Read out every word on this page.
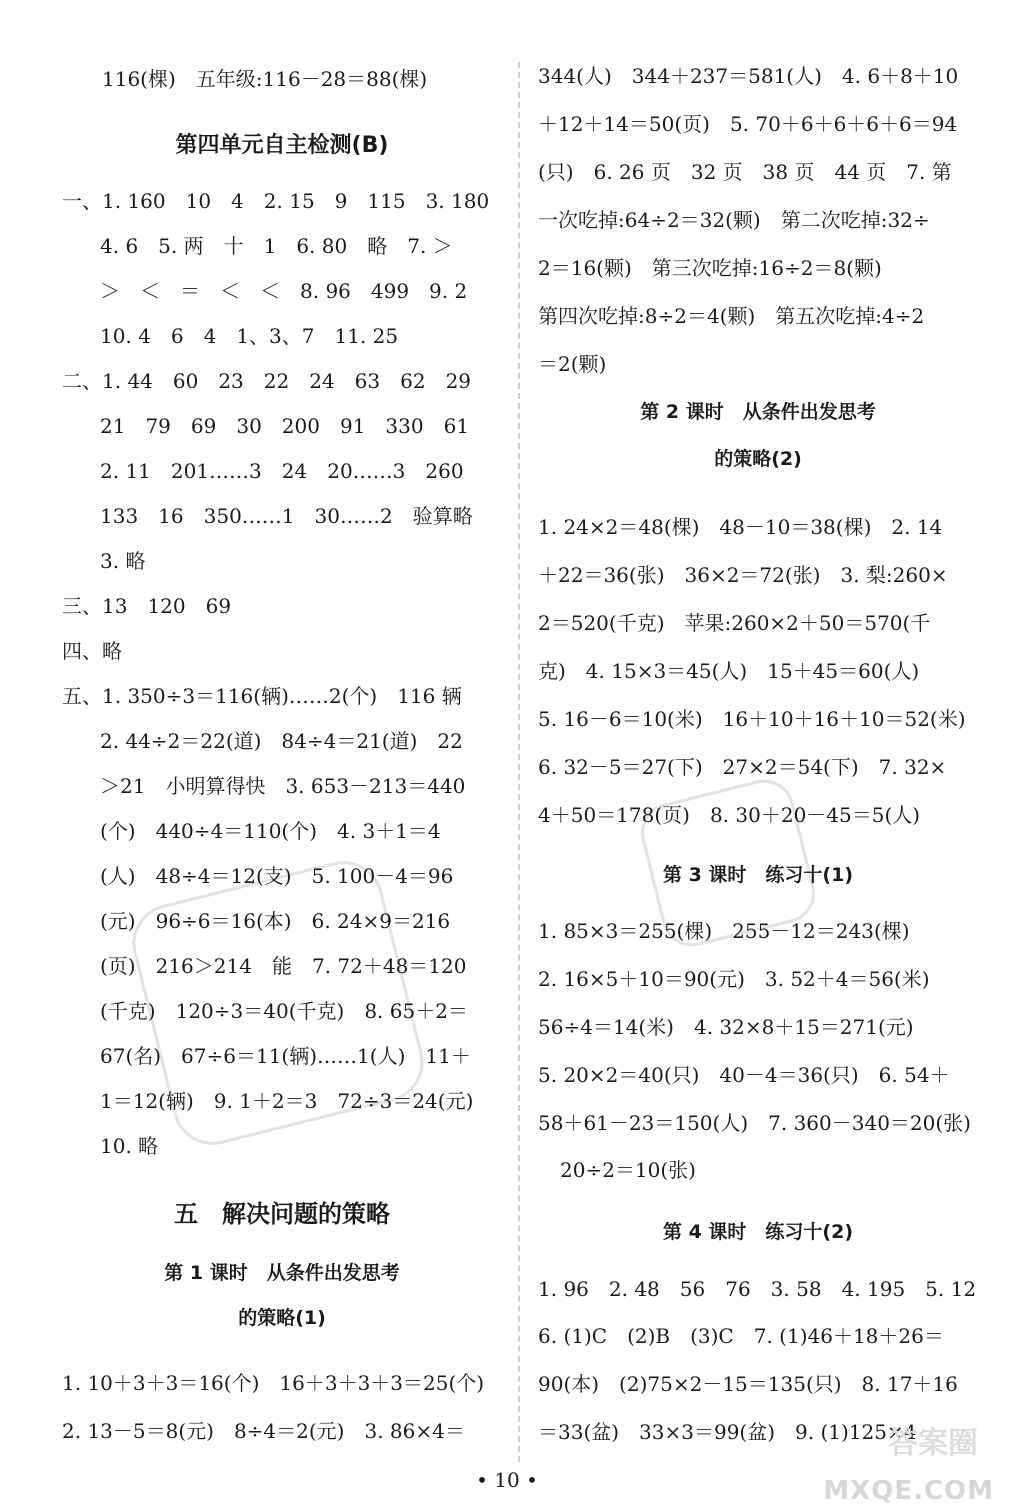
116(棵)　五年级:116－28＝88(棵)
第四单元自主检测(B)
一、1. 160　10　4　2. 15　9　115　3. 180
4. 6　5. 两　十　1　6. 80　略　7. ＞
＞　＜　＝　＜　＜　8. 96　499　9. 2
10. 4　6　4　1、3、7　11. 25
二、1. 44　60　23　22　24　63　62　29
21　79　69　30　200　91　330　61
2. 11　201……3　24　20……3　260
133　16　350……1　30……2　验算略
3. 略
三、13　120　69
四、略
五、1. 350÷3＝116(辆)……2(个)　116 辆
2. 44÷2＝22(道)　84÷4＝21(道)　22
＞21　小明算得快　3. 653－213＝440
(个)　440÷4＝110(个)　4. 3＋1＝4
(人)　48÷4＝12(支)　5. 100－4＝96
(元)　96÷6＝16(本)　6. 24×9＝216
(页)　216＞214　能　7. 72＋48＝120
(千克)　120÷3＝40(千克)　8. 65＋2＝
67(名)　67÷6＝11(辆)……1(人)　11＋
1＝12(辆)　9. 1＋2＝3　72÷3＝24(元)
10. 略
五　解决问题的策略
第 1 课时　从条件出发思考
的策略(1)
1. 10＋3＋3＝16(个)　16＋3＋3＋3＝25(个)
2. 13－5＝8(元)　8÷4＝2(元)　3. 86×4＝
344(人)　344＋237＝581(人)　4. 6＋8＋10
＋12＋14＝50(页)　5. 70＋6＋6＋6＋6＝94
(只)　6. 26 页　32 页　38 页　44 页　7. 第
一次吃掉:64÷2＝32(颗)　第二次吃掉:32÷
2＝16(颗)　第三次吃掉:16÷2＝8(颗)
第四次吃掉:8÷2＝4(颗)　第五次吃掉:4÷2
＝2(颗)
第 2 课时　从条件出发思考
的策略(2)
1. 24×2＝48(棵)　48－10＝38(棵)　2. 14
＋22＝36(张)　36×2＝72(张)　3. 梨:260×
2＝520(千克)　苹果:260×2＋50＝570(千
克)　4. 15×3＝45(人)　15＋45＝60(人)
5. 16－6＝10(米)　16＋10＋16＋10＝52(米)
6. 32－5＝27(下)　27×2＝54(下)　7. 32×
4＋50＝178(页)　8. 30＋20－45＝5(人)
第 3 课时　练习十(1)
1. 85×3＝255(棵)　255－12＝243(棵)
2. 16×5＋10＝90(元)　3. 52＋4＝56(米)
56÷4＝14(米)　4. 32×8＋15＝271(元)
5. 20×2＝40(只)　40－4＝36(只)　6. 54＋
58＋61－23＝150(人)　7. 360－340＝20(张)
20÷2＝10(张)
第 4 课时　练习十(2)
1. 96　2. 48　56　76　3. 58　4. 195　5. 12
6. (1)C　(2)B　(3)C　7. (1)46＋18＋26＝
90(本)　(2)75×2－15＝135(只)　8. 17＋16
＝33(盆)　33×3＝99(盆)　9. (1)125×4
• 10 •
答案圈
MXQE.COM
